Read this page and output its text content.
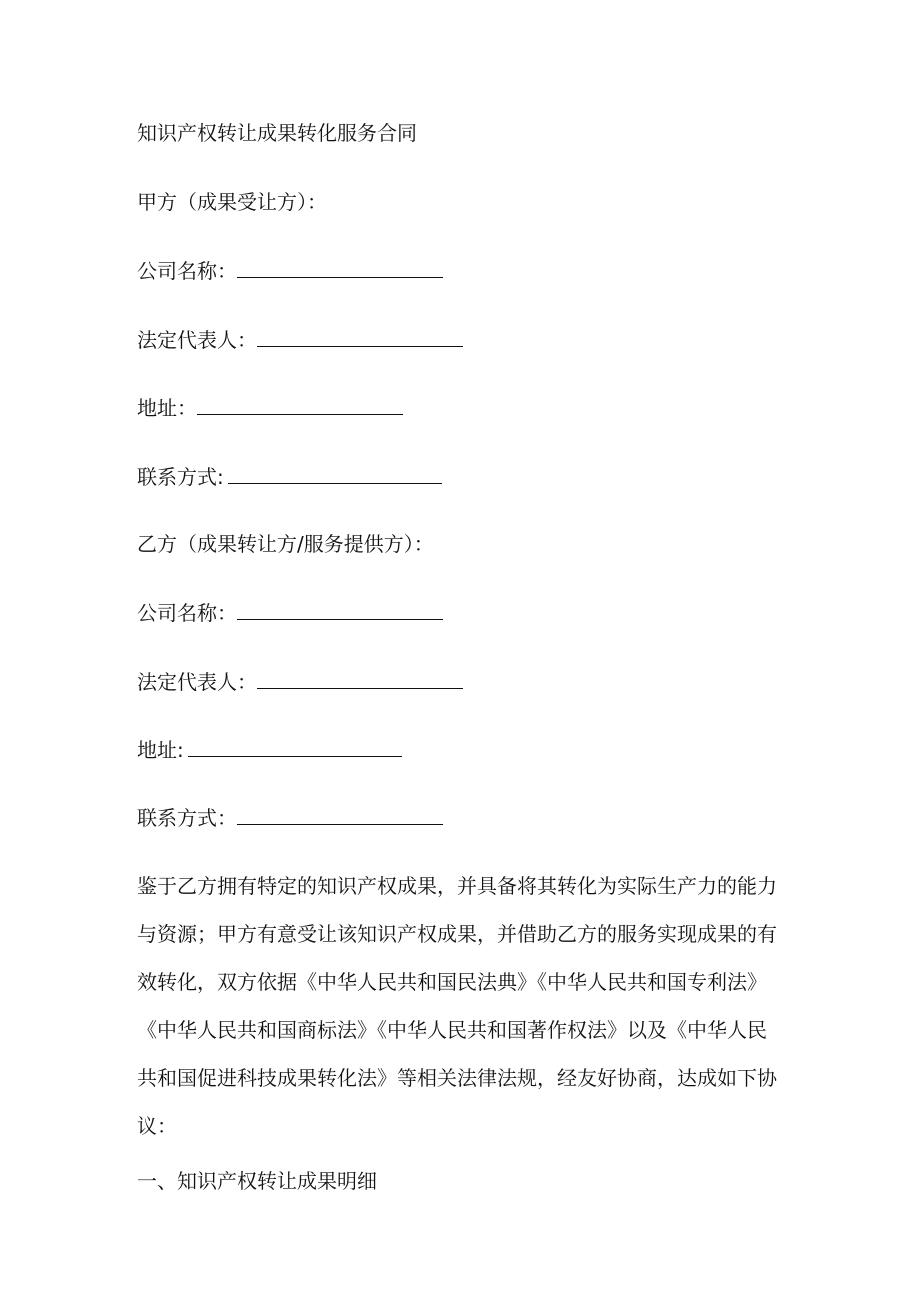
知识产权转让成果转化服务合同
甲方（成果受让方）：
公司名称：
法定代表人：
地址：
联系方式:
乙方（成果转让方/服务提供方）：
公司名称：
法定代表人：
地址:
联系方式：
鉴于乙方拥有特定的知识产权成果，并具备将其转化为实际生产力的能力
与资源；甲方有意受让该知识产权成果，并借助乙方的服务实现成果的有
效转化，双方依据《中华人民共和国民法典》《中华人民共和国专利法》
《中华人民共和国商标法》《中华人民共和国著作权法》以及《中华人民
共和国促进科技成果转化法》等相关法律法规，经友好协商，达成如下协
议：
一、知识产权转让成果明细
